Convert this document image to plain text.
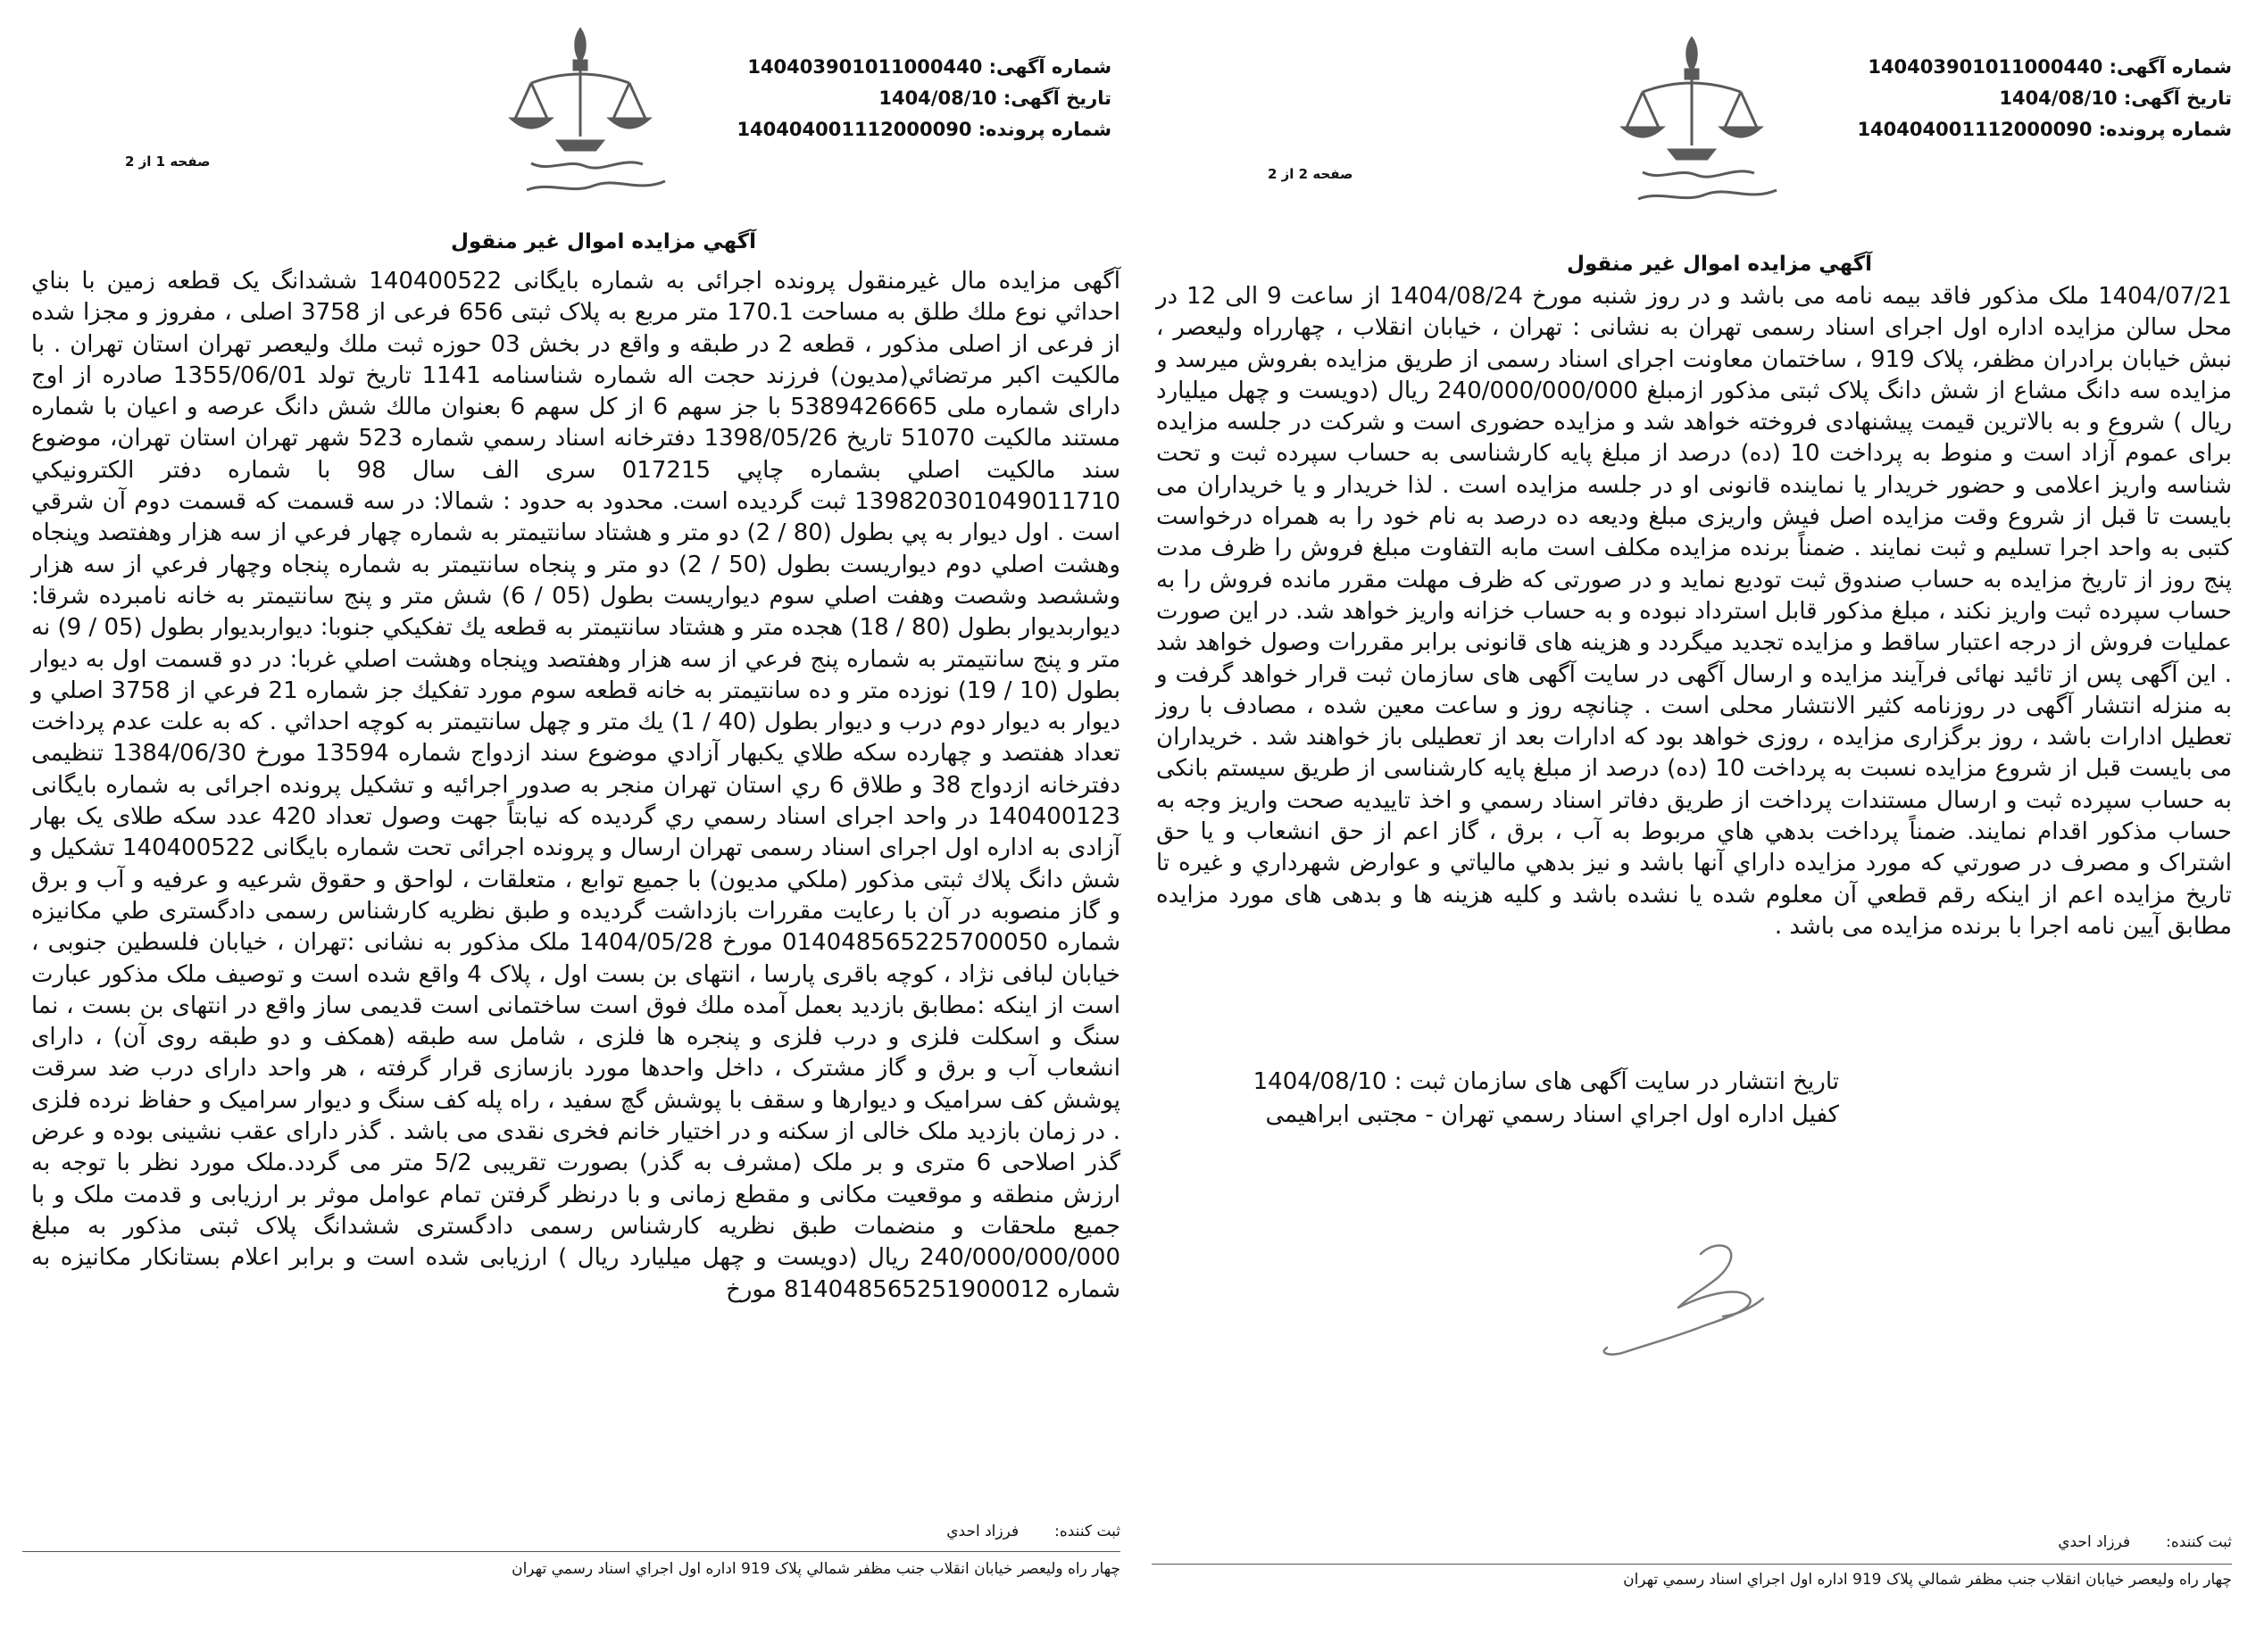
شماره آگهی: 140403901011000440
تاریخ آگهی: 1404/08/10
شماره پرونده: 140404001112000090
صفحه 2 از 2
آگهي مزايده اموال غير منقول
1404/07/21 ملک مذکور فاقد بیمه نامه می باشد و در روز شنبه مورخ 1404/08/24 از ساعت 9 الی 12 در محل سالن مزایده اداره اول اجرای اسناد رسمی تهران به نشانی : تهران ، خیابان انقلاب ، چهارراه ولیعصر ، نبش خیابان برادران مظفر، پلاک 919 ، ساختمان معاونت اجرای اسناد رسمی از طریق مزایده بفروش میرسد و مزایده سه دانگ مشاع از شش دانگ پلاک ثبتی مذکور ازمبلغ 240/000/000/000 ریال (دویست و چهل میلیارد ریال ) شروع و به بالاترین قیمت پیشنهادی فروخته خواهد شد و مزایده حضوری است و شرکت در جلسه مزایده برای عموم آزاد است و منوط به پرداخت 10 (ده) درصد از مبلغ پایه کارشناسی به حساب سپرده ثبت و تحت شناسه واریز اعلامی و حضور خریدار یا نماینده قانونی او در جلسه مزایده است . لذا خریدار و یا خریداران می بایست تا قبل از شروع وقت مزایده اصل فیش واریزی مبلغ ودیعه ده درصد به نام خود را به همراه درخواست کتبی به واحد اجرا تسلیم و ثبت نمایند . ضمناً برنده مزایده مکلف است مابه التفاوت مبلغ فروش را ظرف مدت پنج روز از تاریخ مزایده به حساب صندوق ثبت تودیع نماید و در صورتی که ظرف مهلت مقرر مانده فروش را به حساب سپرده ثبت واریز نکند ، مبلغ مذکور قابل استرداد نبوده و به حساب خزانه واریز خواهد شد. در این صورت عملیات فروش از درجه اعتبار ساقط و مزایده تجدید میگردد و هزینه های قانونی برابر مقررات وصول خواهد شد . این آگهی پس از تائید نهائی فرآیند مزایده و ارسال آگهی در سایت آگهی های سازمان ثبت قرار خواهد گرفت و به منزله انتشار آگهی در روزنامه کثیر الانتشار محلی است . چنانچه روز و ساعت معین شده ، مصادف با روز تعطیل ادارات باشد ، روز برگزاری مزایده ، روزی خواهد بود که ادارات بعد از تعطیلی باز خواهند شد . خریداران می بایست قبل از شروع مزایده نسبت به پرداخت 10 (ده) درصد از مبلغ پایه کارشناسی از طریق سیستم بانکی به حساب سپرده ثبت و ارسال مستندات پرداخت از طریق دفاتر اسناد رسمي و اخذ تاییدیه صحت واریز وجه به حساب مذکور اقدام نمایند. ضمناً پرداخت بدهي هاي مربوط به آب ، برق ، گاز اعم از حق انشعاب و یا حق اشتراک و مصرف در صورتي كه مورد مزايده داراي آنها باشد و نيز بدهي مالياتي و عوارض شهرداري و غيره تا تاريخ مزايده اعم از اينكه رقم قطعي آن معلوم شده يا نشده باشد و كليه هزينه ها و بدهی های مورد مزایده مطابق آیین نامه اجرا با برنده مزایده می باشد .
تاریخ انتشار در سایت آگهی های سازمان ثبت : 1404/08/10
کفیل اداره اول اجراي اسناد رسمي تهران - مجتبی ابراهیمی
ثبت کننده:فرزاد احدي
چهار راه وليعصر خيابان انقلاب جنب مظفر شمالي پلاک 919 اداره اول اجراي اسناد رسمي تهران
شماره آگهی: 140403901011000440
تاریخ آگهی: 1404/08/10
شماره پرونده: 140404001112000090
صفحه 1 از 2
آگهي مزايده اموال غير منقول
آگهی مزایده مال غیرمنقول پرونده اجرائی به شماره بایگانی 140400522 ششدانگ یک قطعه زمین با بناي احداثي نوع ملك طلق به مساحت 170.1 متر مربع به پلاک ثبتی 656 فرعی از 3758 اصلی ، مفروز و مجزا شده از فرعی از اصلی مذکور ، قطعه 2 در طبقه و واقع در بخش 03 حوزه ثبت ملك وليعصر تهران استان تهران . با مالكيت اكبر مرتضائي(مدیون) فرزند حجت اله شماره شناسنامه 1141 تاريخ تولد 1355/06/01 صادره از اوج دارای شماره ملی 5389426665 با جز سهم 6 از كل سهم 6 بعنوان مالك شش دانگ عرصه و اعيان با شماره مستند مالكيت 51070 تاريخ 1398/05/26 دفترخانه اسناد رسمي شماره 523 شهر تهران استان تهران، موضوع سند مالكيت اصلي بشماره چاپي 017215 سری الف سال 98 با شماره دفتر الكترونيكي 139820301049011710 ثبت گرديده است. محدود به حدود : شمالا: در سه قسمت كه قسمت دوم آن شرقي است . اول ديوار به پي بطول (80 / 2) دو متر و هشتاد سانتيمتر به شماره چهار فرعي از سه هزار وهفتصد وپنجاه وهشت اصلي دوم ديواريست بطول (50 / 2) دو متر و پنجاه سانتيمتر به شماره پنجاه وچهار فرعي از سه هزار وششصد وشصت وهفت اصلي سوم ديواريست بطول (05 / 6) شش متر و پنج سانتيمتر به خانه نامبرده شرقا: ديواربديوار بطول (80 / 18) هجده متر و هشتاد سانتيمتر به قطعه يك تفكيكي جنوبا: ديواربديوار بطول (05 / 9) نه متر و پنج سانتيمتر به شماره پنج فرعي از سه هزار وهفتصد وپنجاه وهشت اصلي غربا: در دو قسمت اول به ديوار بطول (10 / 19) نوزده متر و ده سانتيمتر به خانه قطعه سوم مورد تفكيك جز شماره 21 فرعي از 3758 اصلي و ديوار به ديوار دوم درب و ديوار بطول (40 / 1) يك متر و چهل سانتيمتر به كوچه احداثي . كه به علت عدم پرداخت تعداد هفتصد و چهارده سکه طلاي يكبهار آزادي موضوع سند ازدواج شماره 13594 مورخ 1384/06/30 تنظیمی دفترخانه ازدواج 38 و طلاق 6 ري استان تهران منجر به صدور اجرائیه و تشکیل پرونده اجرائی به شماره بایگانی 140400123 در واحد اجرای اسناد رسمي ري گرديده که نیابتاً جهت وصول تعداد 420 عدد سكه طلای یک بهار آزادی به اداره اول اجرای اسناد رسمی تهران ارسال و پرونده اجرائی تحت شماره بایگانی 140400522 تشکیل و شش دانگ پلاك ثبتی مذکور (ملکي مدیون) با جمیع توابع ، متعلقات ، لواحق و حقوق شرعیه و عرفیه و آب و برق و گاز منصوبه در آن با رعایت مقررات بازداشت گردیده و طبق نظریه كارشناس رسمی دادگستری طي مکانیزه شماره 14048565225700050‏0 مورخ 1404/05/28 ملک مذکور به نشانی :تهران ، خیابان فلسطین جنوبی ، خیابان لبافی نژاد ، کوچه باقری پارسا ، انتهای بن بست اول ، پلاک 4 واقع شده است و توصیف ملک مذکور عبارت است از اینکه :مطابق بازدید بعمل آمده ملك فوق است ساختمانی است قدیمی ساز واقع در انتهای بن بست ، نما سنگ و اسکلت فلزی و درب فلزی و پنجره ها فلزی ، شامل سه طبقه (همکف و دو طبقه روی آن) ، دارای انشعاب آب و برق و گاز مشترک ، داخل واحدها مورد بازسازی قرار گرفته ، هر واحد دارای درب ضد سرقت پوشش کف سرامیک و دیوارها و سقف با پوشش گچ سفید ، راه پله کف سنگ و دیوار سرامیک و حفاظ نرده فلزی . در زمان بازدید ملک خالی از سکنه و در اختیار خانم فخری نقدی می باشد . گذر دارای عقب نشینی بوده و عرض گذر اصلاحی 6 متری و بر ملک (مشرف به گذر) بصورت تقریبی 5/2 متر می گردد.ملک مورد نظر با توجه به ارزش منطقه و موقعیت مکانی و مقطع زمانی و با درنظر گرفتن تمام عوامل موثر بر ارزیابی و قدمت ملک و با جمیع ملحقات و منضمات طبق نظریه کارشناس رسمی دادگستری ششدانگ پلاک ثبتی مذکور به مبلغ 240/000/000/000 ریال (دویست و چهل میلیارد ریال ) ارزیابی شده است و برابر اعلام بستانکار مکانیزه به شماره 14048565251900012‏8 مورخ
ثبت کننده:فرزاد احدي
چهار راه وليعصر خيابان انقلاب جنب مظفر شمالي پلاک 919 اداره اول اجراي اسناد رسمي تهران
